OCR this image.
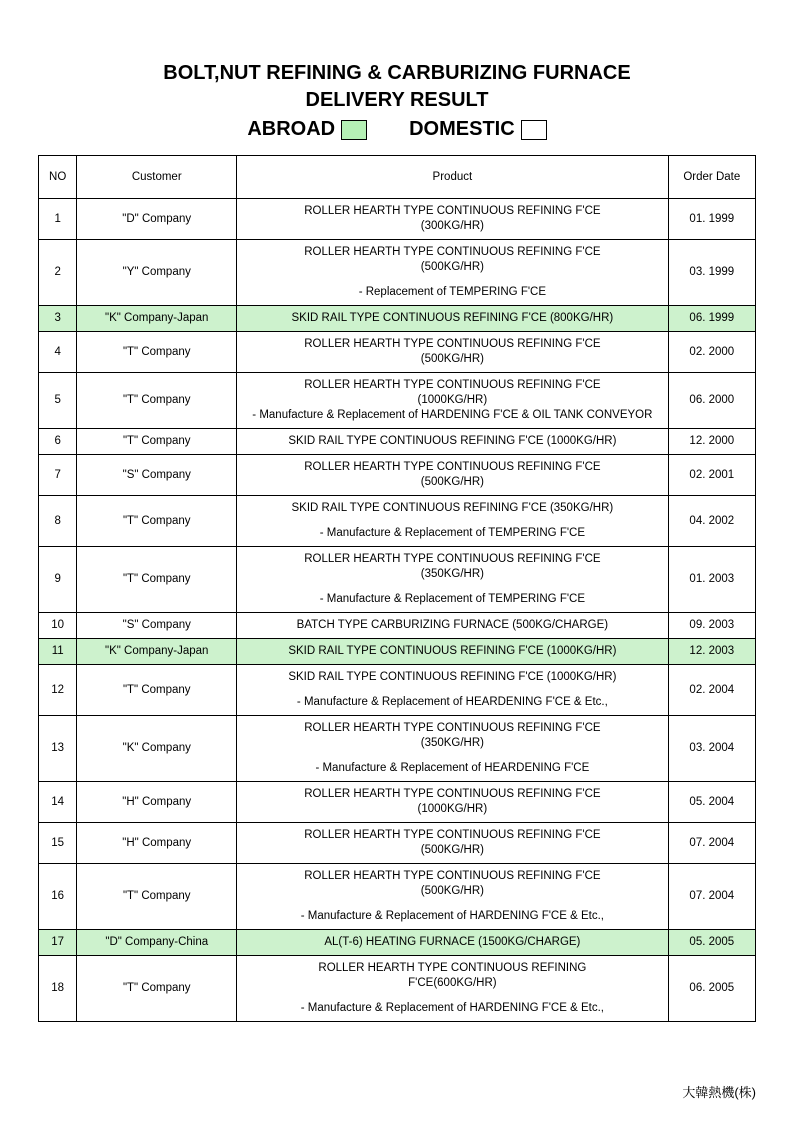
BOLT,NUT REFINING & CARBURIZING FURNACE
DELIVERY RESULT
ABROAD	DOMESTIC
NO	Customer	Product	Order Date
1	"D" Company	ROLLER HEARTH TYPE CONTINUOUS REFINING F'CE
(300KG/HR)	01. 1999
2	"Y" Company	ROLLER HEARTH TYPE CONTINUOUS REFINING F'CE
(500KG/HR)
- Replacement of TEMPERING F'CE	03. 1999
3	"K" Company-Japan	SKID RAIL TYPE CONTINUOUS REFINING F'CE (800KG/HR)	06. 1999
4	"T" Company	ROLLER HEARTH TYPE CONTINUOUS REFINING F'CE
(500KG/HR)	02. 2000
5	"T" Company	ROLLER HEARTH TYPE CONTINUOUS REFINING F'CE
(1000KG/HR)
- Manufacture & Replacement of HARDENING F'CE & OIL TANK CONVEYOR	06. 2000
6	"T" Company	SKID RAIL TYPE CONTINUOUS REFINING F'CE (1000KG/HR)	12. 2000
7	"S" Company	ROLLER HEARTH TYPE CONTINUOUS REFINING F'CE
(500KG/HR)	02. 2001
8	"T" Company	SKID RAIL TYPE CONTINUOUS REFINING F'CE (350KG/HR)
- Manufacture & Replacement of TEMPERING F'CE	04. 2002
9	"T" Company	ROLLER HEARTH TYPE CONTINUOUS REFINING F'CE
(350KG/HR)
- Manufacture & Replacement of TEMPERING F'CE	01. 2003
10	"S" Company	BATCH TYPE CARBURIZING FURNACE (500KG/CHARGE)	09. 2003
11	"K" Company-Japan	SKID RAIL TYPE CONTINUOUS REFINING F'CE (1000KG/HR)	12. 2003
12	"T" Company	SKID RAIL TYPE CONTINUOUS REFINING F'CE (1000KG/HR)
- Manufacture & Replacement of HEARDENING F'CE & Etc.,	02. 2004
13	"K" Company	ROLLER HEARTH TYPE CONTINUOUS REFINING F'CE
(350KG/HR)
- Manufacture & Replacement of HEARDENING F'CE	03. 2004
14	"H" Company	ROLLER HEARTH TYPE CONTINUOUS REFINING F'CE
(1000KG/HR)	05. 2004
15	"H" Company	ROLLER HEARTH TYPE CONTINUOUS REFINING F'CE
(500KG/HR)	07. 2004
16	"T" Company	ROLLER HEARTH TYPE CONTINUOUS REFINING F'CE
(500KG/HR)
- Manufacture & Replacement of HARDENING F'CE & Etc.,	07. 2004
17	"D" Company-China	AL(T-6) HEATING FURNACE (1500KG/CHARGE)	05. 2005
18	"T" Company	ROLLER HEARTH TYPE CONTINUOUS REFINING
F'CE(600KG/HR)
- Manufacture & Replacement of HARDENING F'CE & Etc.,	06. 2005
大韓熱機(株)
